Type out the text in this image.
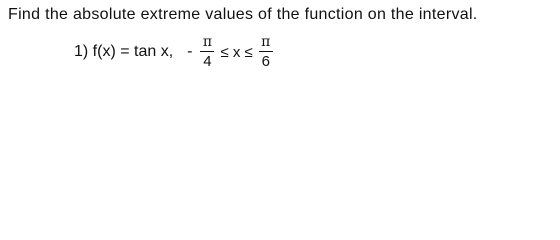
Find the absolute extreme values of the function on the interval.
1) f(x) = tan x, - $\frac{\pi}{4} \le x \le \frac{\pi}{6}$
